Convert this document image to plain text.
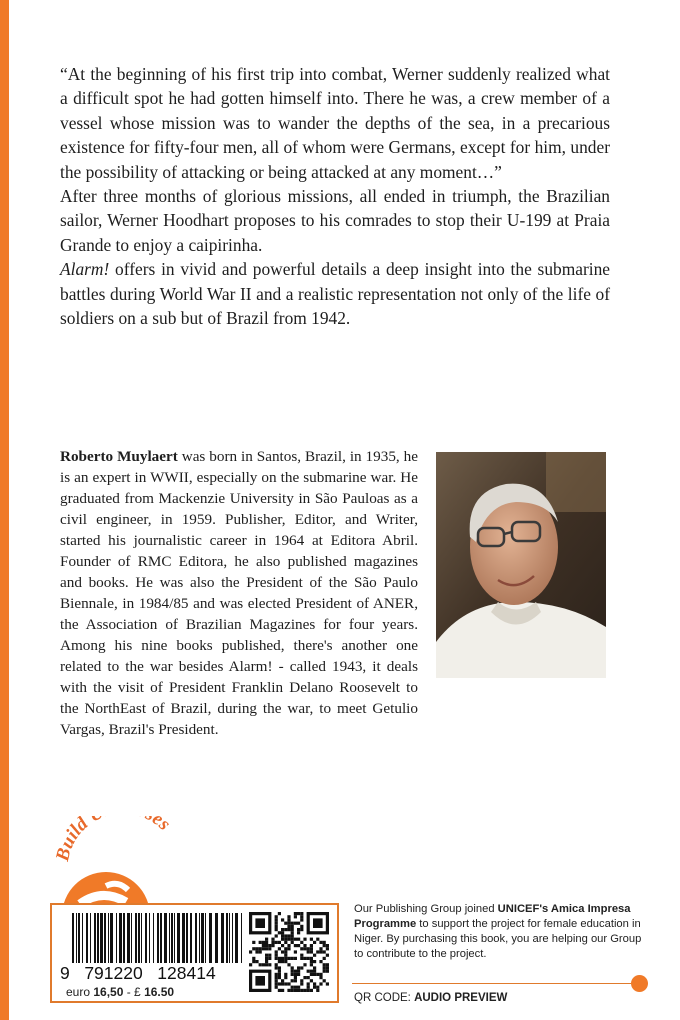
“At the beginning of his first trip into combat, Werner suddenly realized what a difficult spot he had gotten himself into. There he was, a crew member of a vessel whose mission was to wander the depths of the sea, in a precarious existence for fifty-four men, all of whom were Germans, except for him, under the possibility of attacking or being attacked at any moment…”

After three months of glorious missions, all ended in triumph, the Brazilian sailor, Werner Hoodhart proposes to his comrades to stop their U-199 at Praia Grande to enjoy a caipirinha.

Alarm! offers in vivid and powerful details a deep insight into the submarine battles during World War II and a realistic representation not only of the life of soldiers on a sub but of Brazil from 1942.

Roberto Muylaert was born in Santos, Brazil, in 1935, he is an expert in WWII, especially on the submarine war. He graduated from Mackenzie University in São Pauloas as a civil engineer, in 1959. Publisher, Editor, and Writer, started his journalistic career in 1964 at Editora Abril. Founder of RMC Editora, he also published magazines and books. He was also the President of the São Paulo Biennale, in 1984/85 and was elected President of ANER, the Association of Brazilian Magazines for four years. Among his nine books published, there's another one related to the war besides Alarm! - called 1943, it deals with the visit of President Franklin Delano Roosevelt to the NorthEast of Brazil, during the war, to meet Getulio Vargas, Brazil's President.
Build es
9   791220   128414
euro 16,50 - £ 16.50
Our Publishing Group joined UNICEF's Amica Impresa Programme to support the project for female education in Niger. By purchasing this book, you are helping our Group to contribute to the project.
QR CODE: AUDIO PREVIEW
